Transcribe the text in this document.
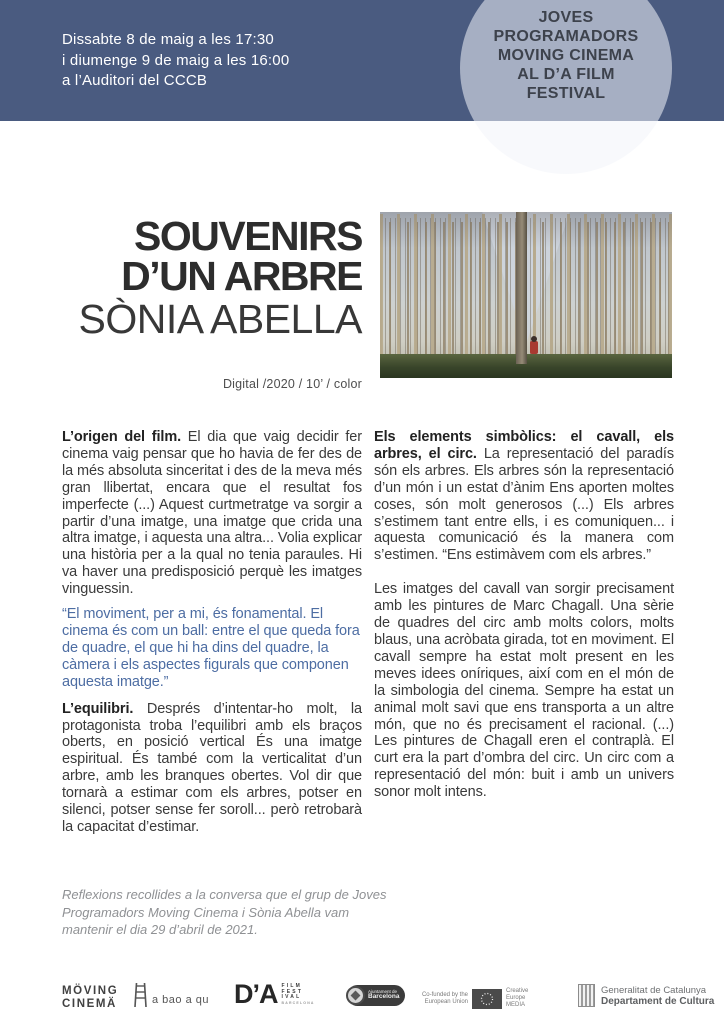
Dissabte 8 de maig a les 17:30
i diumenge 9 de maig a les 16:00
a l’Auditori del CCCB
JOVES
PROGRAMADORS
MOVING CINEMA
AL D’A FILM
FESTIVAL
SOUVENIRS
D’UN ARBRE
SÒNIA ABELLA
Digital /2020 / 10’ / color

L’origen del film. El dia que vaig decidir fer cinema vaig pensar que ho havia de fer des de la més absoluta sinceritat i des de la meva més gran llibertat, encara que el resultat fos imperfecte (...) Aquest curtmetratge va sorgir a partir d’una imatge, una imatge que crida una altra imatge, i aquesta una altra... Volia explicar una història per a la qual no tenia paraules. Hi va haver una predisposició perquè les imatges vinguessin.

“El moviment, per a mi, és fonamental. El cinema és com un ball: entre el que queda fora de quadre, el que hi ha dins del quadre, la càmera i els aspectes figurals que componen aquesta imatge.”

L’equilibri. Després d’intentar-ho molt, la protagonista troba l’equilibri amb els braços oberts, en posició vertical És una imatge espiritual. És també com la verticalitat d’un arbre, amb les branques obertes. Vol dir que tornarà a estimar com els arbres, potser en silenci, potser sense fer soroll... però retrobarà la capacitat d’estimar.

Els elements simbòlics: el cavall, els arbres, el circ. La representació del paradís són els arbres. Els arbres són la representació d’un món i un estat d’ànim Ens aporten moltes coses, són molt generosos (...) Els arbres s’estimem tant entre ells, i es comuniquen... i aquesta comunicació és la manera com s’estimen. “Ens estimàvem com els arbres.”

Les imatges del cavall van sorgir precisament amb les pintures de Marc Chagall. Una sèrie de quadres del circ amb molts colors, molts blaus, una acròbata girada, tot en moviment. El cavall sempre ha estat molt present en les meves idees oníriques, així com en el món de la simbologia del cinema. Sempre ha estat un animal molt savi que ens transporta a un altre món, que no és precisament el racional. (...) Les pintures de Chagall eren el contraplà. El curt era la part d’ombra del circ. Un circ com a representació del món: buit i amb un univers sonor molt intens.

Reflexions recollides a la conversa que el grup de Joves Programadors Moving Cinema i Sònia Abella vam mantenir el dia 29 d’abril de 2021.
MÖVING
CINEMÄ	a bao a qu D’A FILM
FEST
IVAL
BARCELONA
Ajuntament de
Barcelona	Co-funded by the
European Union
Creative
Europe
MEDIA
Generalitat de Catalunya
Departament de Cultura
